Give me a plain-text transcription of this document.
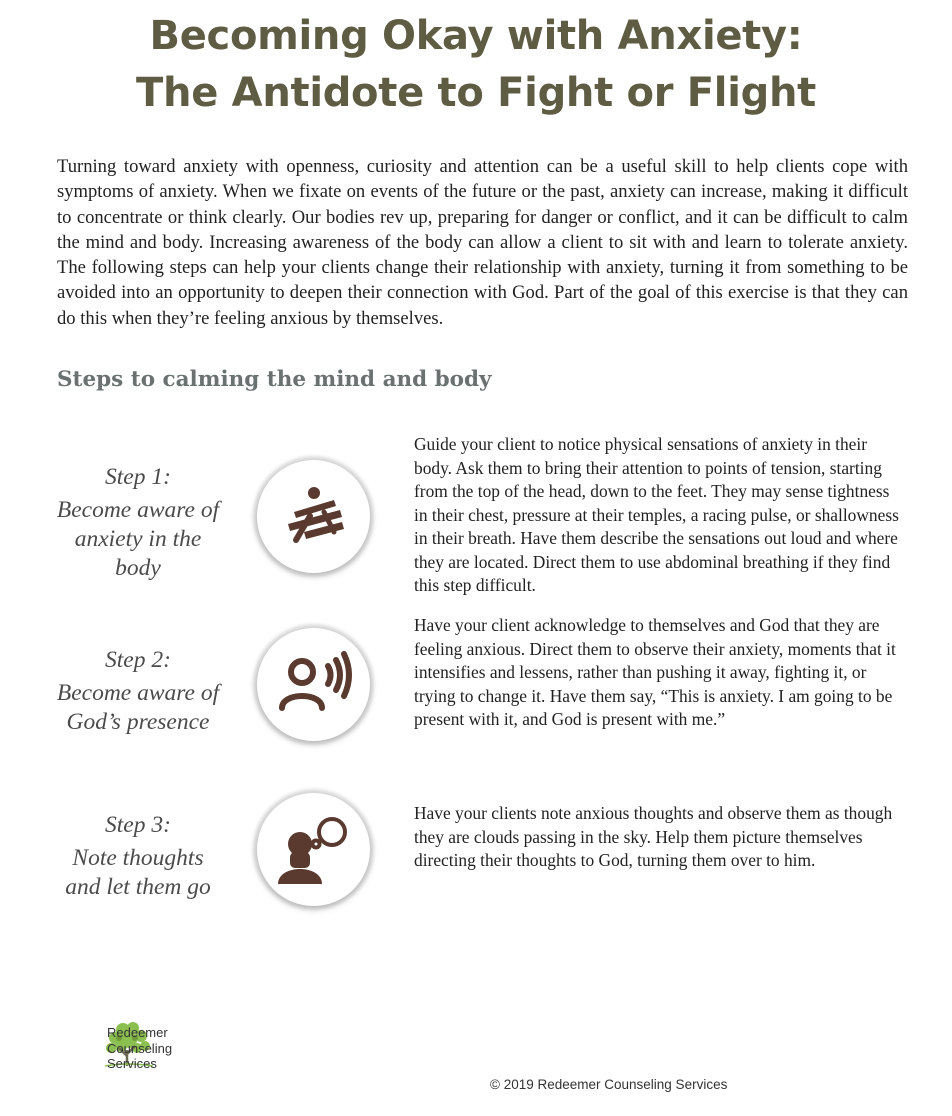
Becoming Okay with Anxiety:
The Antidote to Fight or Flight

Turning toward anxiety with openness, curiosity and attention can be a useful skill to help clients cope with symptoms of anxiety. When we fixate on events of the future or the past, anxiety can increase, making it difficult to concentrate or think clearly. Our bodies rev up, preparing for danger or conflict, and it can be difficult to calm the mind and body. Increasing awareness of the body can allow a client to sit with and learn to tolerate anxiety. The following steps can help your clients change their relationship with anxiety, turning it from something to be avoided into an opportunity to deepen their connection with God. Part of the goal of this exercise is that they can do this when they’re feeling anxious by themselves.

Steps to calming the mind and body
Step 1:
Become aware of
anxiety in the
body

Guide your client to notice physical sensations of anxiety in their body. Ask them to bring their attention to points of tension, starting from the top of the head, down to the feet. They may sense tightness in their chest, pressure at their temples, a racing pulse, or shallowness in their breath. Have them describe the sensations out loud and where they are located. Direct them to use abdominal breathing if they find this step difficult.

Step 2:
Become aware of
God’s presence

Have your client acknowledge to themselves and God that they are feeling anxious. Direct them to observe their anxiety, moments that it intensifies and lessens, rather than pushing it away, fighting it, or trying to change it. Have them say, “This is anxiety. I am going to be present with it, and God is present with me.”

Step 3:
Note thoughts
and let them go

Have your clients note anxious thoughts and observe them as though they are clouds passing in the sky. Help them picture themselves directing their thoughts to God, turning them over to him.

Redeemer
Counseling
Services
© 2019 Redeemer Counseling Services
